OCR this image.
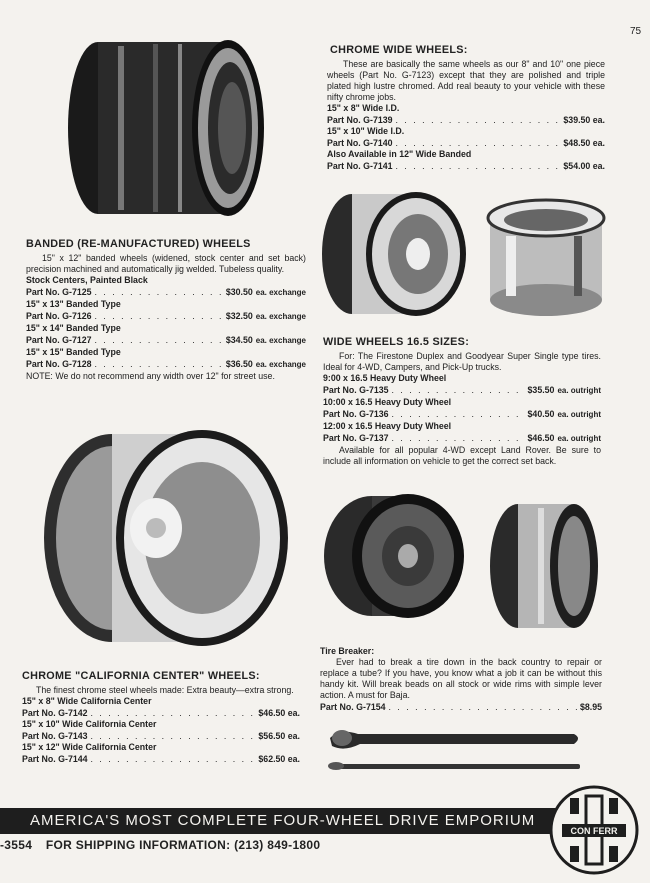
75

CHROME WIDE WHEELS:

These are basically the same wheels as our 8" and 10" one piece wheels (Part No. G-7123) except that they are polished and triple plated high lustre chromed. Add real beauty to your vehicle with these nifty chrome jobs.

15" x 8" Wide I.D.

Part No. G-7139 . . .	$39.50 ea.

15" x 10" Wide I.D.

Part No. G-7140 . . .	$48.50 ea.

Also Available in 12" Wide Banded

Part No. G-7141 . . .	$54.00 ea.

BANDED (RE-MANUFACTURED) WHEELS

15" x 12" banded wheels (widened, stock center and set back) precision machined and automatically jig welded. Tubeless quality.

Stock Centers, Painted Black

Part No. G-7125 . . .	$30.50 ea. exchange

15" x 13" Banded Type

Part No. G-7126 . . .	$32.50 ea. exchange

15" x 14" Banded Type

Part No. G-7127 . . .	$34.50 ea. exchange

15" x 15" Banded Type

Part No. G-7128 . . .	$36.50 ea. exchange

NOTE: We do not recommend any width over 12" for street use.

WIDE WHEELS 16.5 SIZES:

For: The Firestone Duplex and Goodyear Super Single type tires. Ideal for 4-WD, Campers, and Pick-Up trucks.

9:00 x 16.5 Heavy Duty Wheel

Part No. G-7135 . . .	$35.50 ea. outright

10:00 x 16.5 Heavy Duty Wheel

Part No. G-7136 . . .	$40.50 ea. outright

12:00 x 16.5 Heavy Duty Wheel

Part No. G-7137 . . .	$46.50 ea. outright

Available for all popular 4-WD except Land Rover. Be sure to include all information on vehicle to get the correct set back.

Tire Breaker:

Ever had to break a tire down in the back country to repair or replace a tube? If you have, you know what a job it can be without this handy kit. Will break beads on all stock or wide rims with simple lever action. A must for Baja.

Part No. G-7154 . . .	$8.95

CHROME "CALIFORNIA CENTER" WHEELS:

The finest chrome steel wheels made: Extra beauty—extra strong.

15" x 8" Wide California Center

Part No. G-7142 . . .	$46.50 ea.

15" x 10" Wide California Center

Part No. G-7143 . . .	$56.50 ea.

15" x 12" Wide California Center

Part No. G-7144 . . .	$62.50 ea.
AMERICA'S MOST COMPLETE FOUR-WHEEL DRIVE EMPORIUM
-3554 FOR SHIPPING INFORMATION: (213) 849-1800
CON FERR
